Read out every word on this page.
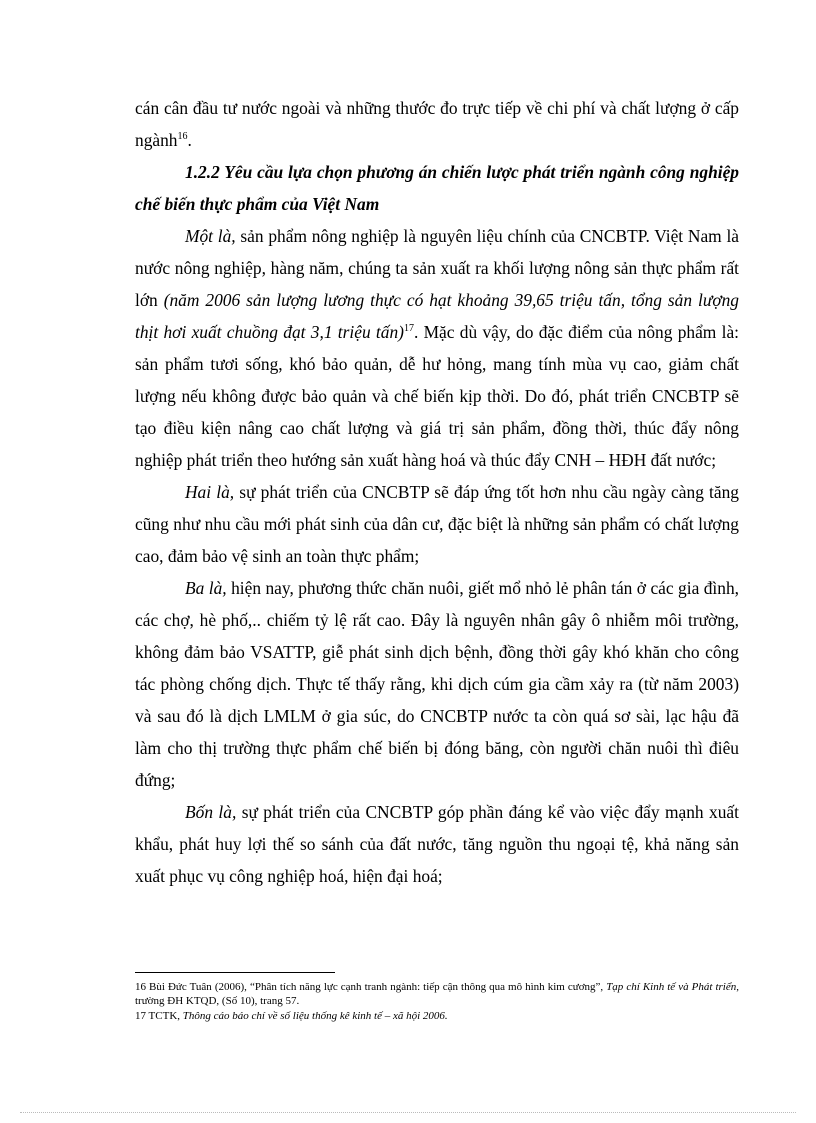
cán cân đầu tư nước ngoài và những thước đo trực tiếp về chi phí và chất lượng ở cấp ngành$^{16}$.

1.2.2 Yêu cầu lựa chọn phương án chiến lược phát triển ngành công nghiệp chế biến thực phẩm của Việt Nam

Một là, sản phẩm nông nghiệp là nguyên liệu chính của CNCBTP. Việt Nam là nước nông nghiệp, hàng năm, chúng ta sản xuất ra khối lượng nông sản thực phẩm rất lớn (năm 2006 sản lượng lương thực có hạt khoảng 39,65 triệu tấn, tổng sản lượng thịt hơi xuất chuồng đạt 3,1 triệu tấn)$^{17}$. Mặc dù vậy, do đặc điểm của nông phẩm là: sản phẩm tươi sống, khó bảo quản, dễ hư hỏng, mang tính mùa vụ cao, giảm chất lượng nếu không được bảo quản và chế biến kịp thời. Do đó, phát triển CNCBTP sẽ tạo điều kiện nâng cao chất lượng và giá trị sản phẩm, đồng thời, thúc đẩy nông nghiệp phát triển theo hướng sản xuất hàng hoá và thúc đẩy CNH – HĐH đất nước;

Hai là, sự phát triển của CNCBTP sẽ đáp ứng tốt hơn nhu cầu ngày càng tăng cũng như nhu cầu mới phát sinh của dân cư, đặc biệt là những sản phẩm có chất lượng cao, đảm bảo vệ sinh an toàn thực phẩm;

Ba là, hiện nay, phương thức chăn nuôi, giết mổ nhỏ lẻ phân tán ở các gia đình, các chợ, hè phố,.. chiếm tỷ lệ rất cao. Đây là nguyên nhân gây ô nhiễm môi trường, không đảm bảo VSATTP, giễ phát sinh dịch bệnh, đồng thời gây khó khăn cho công tác phòng chống dịch. Thực tế thấy rằng, khi dịch cúm gia cầm xảy ra (từ năm 2003) và sau đó là dịch LMLM ở gia súc, do CNCBTP nước ta còn quá sơ sài, lạc hậu đã làm cho thị trường thực phẩm chế biến bị đóng băng, còn người chăn nuôi thì điêu đứng;

Bốn là, sự phát triển của CNCBTP góp phần đáng kể vào việc đẩy mạnh xuất khẩu, phát huy lợi thế so sánh của đất nước, tăng nguồn thu ngoại tệ, khả năng sản xuất phục vụ công nghiệp hoá, hiện đại hoá;

16 Bùi Đức Tuân (2006), “Phân tích năng lực cạnh tranh ngành: tiếp cận thông qua mô hình kim cương”, Tạp chí Kinh tế và Phát triển, trường ĐH KTQD, (Số 10), trang 57.

17 TCTK, Thông cáo báo chí về số liệu thống kê kinh tế – xã hội 2006.
